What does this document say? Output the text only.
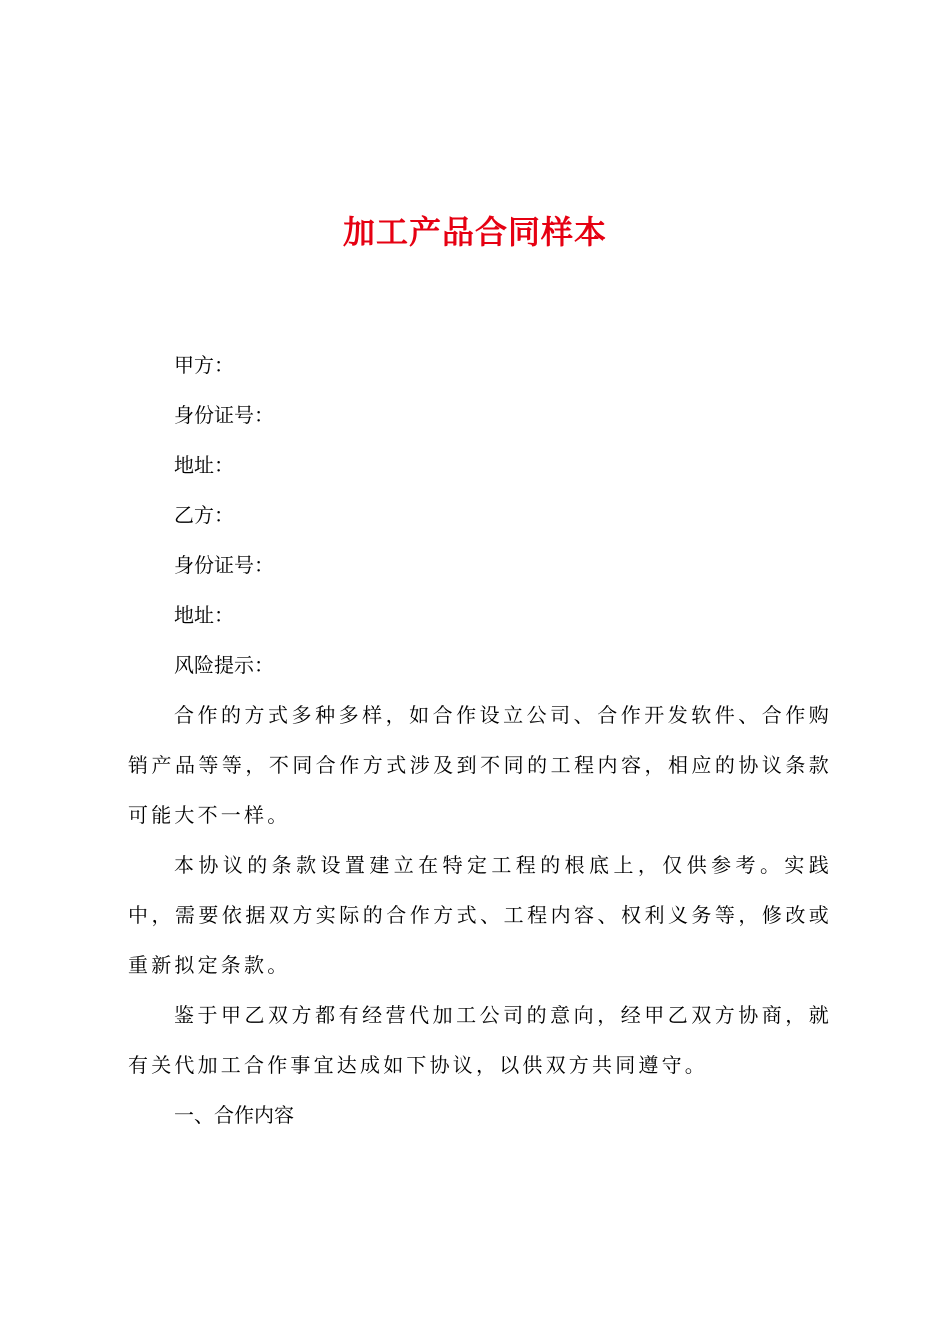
加工产品合同样本

甲方：

身份证号：

地址：

乙方：

身份证号：

地址：

风险提示：

合作的方式多种多样，如合作设立公司、合作开发软件、合作购销产品等等，不同合作方式涉及到不同的工程内容，相应的协议条款可能大不一样。

本协议的条款设置建立在特定工程的根底上，仅供参考。实践中，需要依据双方实际的合作方式、工程内容、权利义务等，修改或重新拟定条款。

鉴于甲乙双方都有经营代加工公司的意向，经甲乙双方协商，就有关代加工合作事宜达成如下协议，以供双方共同遵守。

一、合作内容
